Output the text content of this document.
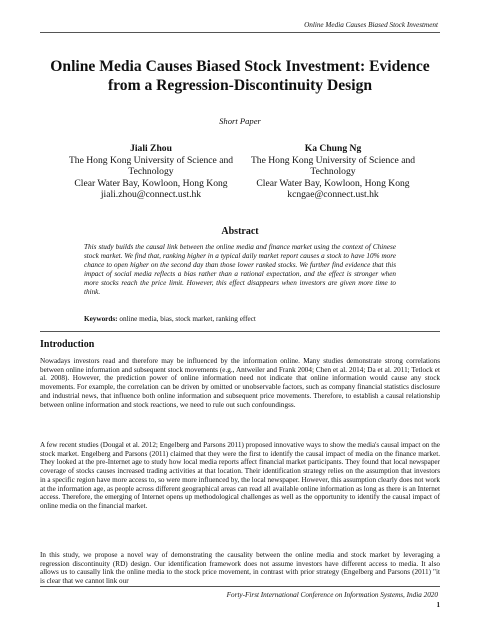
Online Media Causes Biased Stock Investment
Online Media Causes Biased Stock Investment: Evidence from a Regression-Discontinuity Design
Short Paper
Jiali Zhou
The Hong Kong University of Science and Technology
Clear Water Bay, Kowloon, Hong Kong
jiali.zhou@connect.ust.hk
Ka Chung Ng
The Hong Kong University of Science and Technology
Clear Water Bay, Kowloon, Hong Kong
kcngae@connect.ust.hk
Abstract
This study builds the causal link between the online media and finance market using the context of Chinese stock market. We find that, ranking higher in a typical daily market report causes a stock to have 10% more chance to open higher on the second day than those lower ranked stocks. We further find evidence that this impact of social media reflects a bias rather than a rational expectation, and the effect is stronger when more stocks reach the price limit. However, this effect disappears when investors are given more time to think.
Keywords: online media, bias, stock market, ranking effect
Introduction
Nowadays investors read and therefore may be influenced by the information online. Many studies demonstrate strong correlations between online information and subsequent stock movements (e.g., Antweiler and Frank 2004; Chen et al. 2014; Da et al. 2011; Tetlock et al. 2008). However, the prediction power of online information need not indicate that online information would cause any stock movements. For example, the correlation can be driven by omitted or unobservable factors, such as company financial statistics disclosure and industrial news, that influence both online information and subsequent price movements. Therefore, to establish a causal relationship between online information and stock reactions, we need to rule out such confoundingss.
A few recent studies (Dougal et al. 2012; Engelberg and Parsons 2011) proposed innovative ways to show the media's causal impact on the stock market. Engelberg and Parsons (2011) claimed that they were the first to identify the causal impact of media on the finance market. They looked at the pre-Internet age to study how local media reports affect financial market participants. They found that local newspaper coverage of stocks causes increased trading activities at that location. Their identification strategy relies on the assumption that investors in a specific region have more access to, so were more influenced by, the local newspaper. However, this assumption clearly does not work at the information age, as people across different geographical areas can read all available online information as long as there is an Internet access. Therefore, the emerging of Internet opens up methodological challenges as well as the opportunity to identify the causal impact of online media on the financial market.
In this study, we propose a novel way of demonstrating the causality between the online media and stock market by leveraging a regression discontinuity (RD) design. Our identification framework does not assume investors have different access to media. It also allows us to causally link the online media to the stock price movement, in contrast with prior strategy (Engelberg and Parsons (2011) "it is clear that we cannot link our
Forty-First International Conference on Information Systems, India 2020
1
